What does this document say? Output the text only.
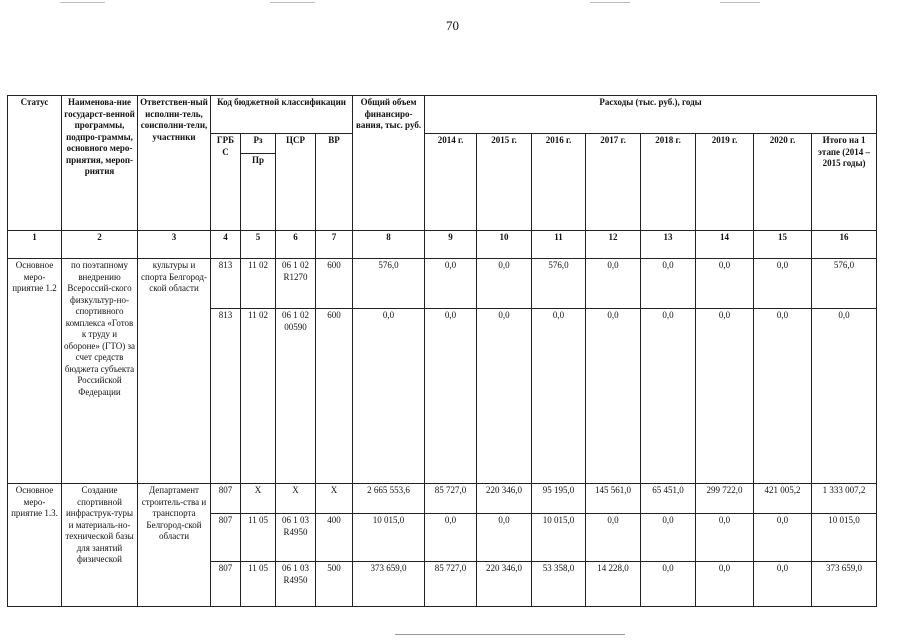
70
Статус	Наименова-ние государст-венной программы, подпро-граммы, основного меро-приятия, мероп-риятия	Ответствен-ный исполни-тель, соисполни-тели, участники	Код бюджетной классификации				Общий объем финансиро-вания, тыс. руб.	Расходы (тыс. руб.), годы							
			ГРБ С	Рз	ЦСР	ВР		2014 г.	2015 г.	2016 г.	2017 г.	2018 г.	2019 г.	2020 г.	Итого на 1 этапе (2014 – 2015 годы)
				Пр											
1	2	3	4	5	6	7	8	9	10	11	12	13	14	15	16
Основное меро-приятие 1.2	по поэтапному внедрению Всероссий-ского физкультур-но-спортивного комплекса «Готов к труду и обороне» (ГТО) за счет средств бюджета субъекта Российской Федерации	культуры и спорта Белгород-ской области	813	11 02	06 1 02 R1270	600	576,0	0,0	0,0	576,0	0,0	0,0	0,0	0,0	576,0
			813	11 02	06 1 02 00590	600	0,0	0,0	0,0	0,0	0,0	0,0	0,0	0,0	0,0
Основное меро-приятие 1.3.	Создание спортивной инфраструк-туры и материаль-но-технической базы для занятий физической	Департамент строитель-ства и транспорта Белгород-ской области	807	X	X	X	2 665 553,6	85 727,0	220 346,0	95 195,0	145 561,0	65 451,0	299 722,0	421 005,2	1 333 007,2
			807	11 05	06 1 03 R4950	400	10 015,0	0,0	0,0	10 015,0	0,0	0,0	0,0	0,0	10 015,0
			807	11 05	06 1 03 R4950	500	373 659,0	85 727,0	220 346,0	53 358,0	14 228,0	0,0	0,0	0,0	373 659,0
